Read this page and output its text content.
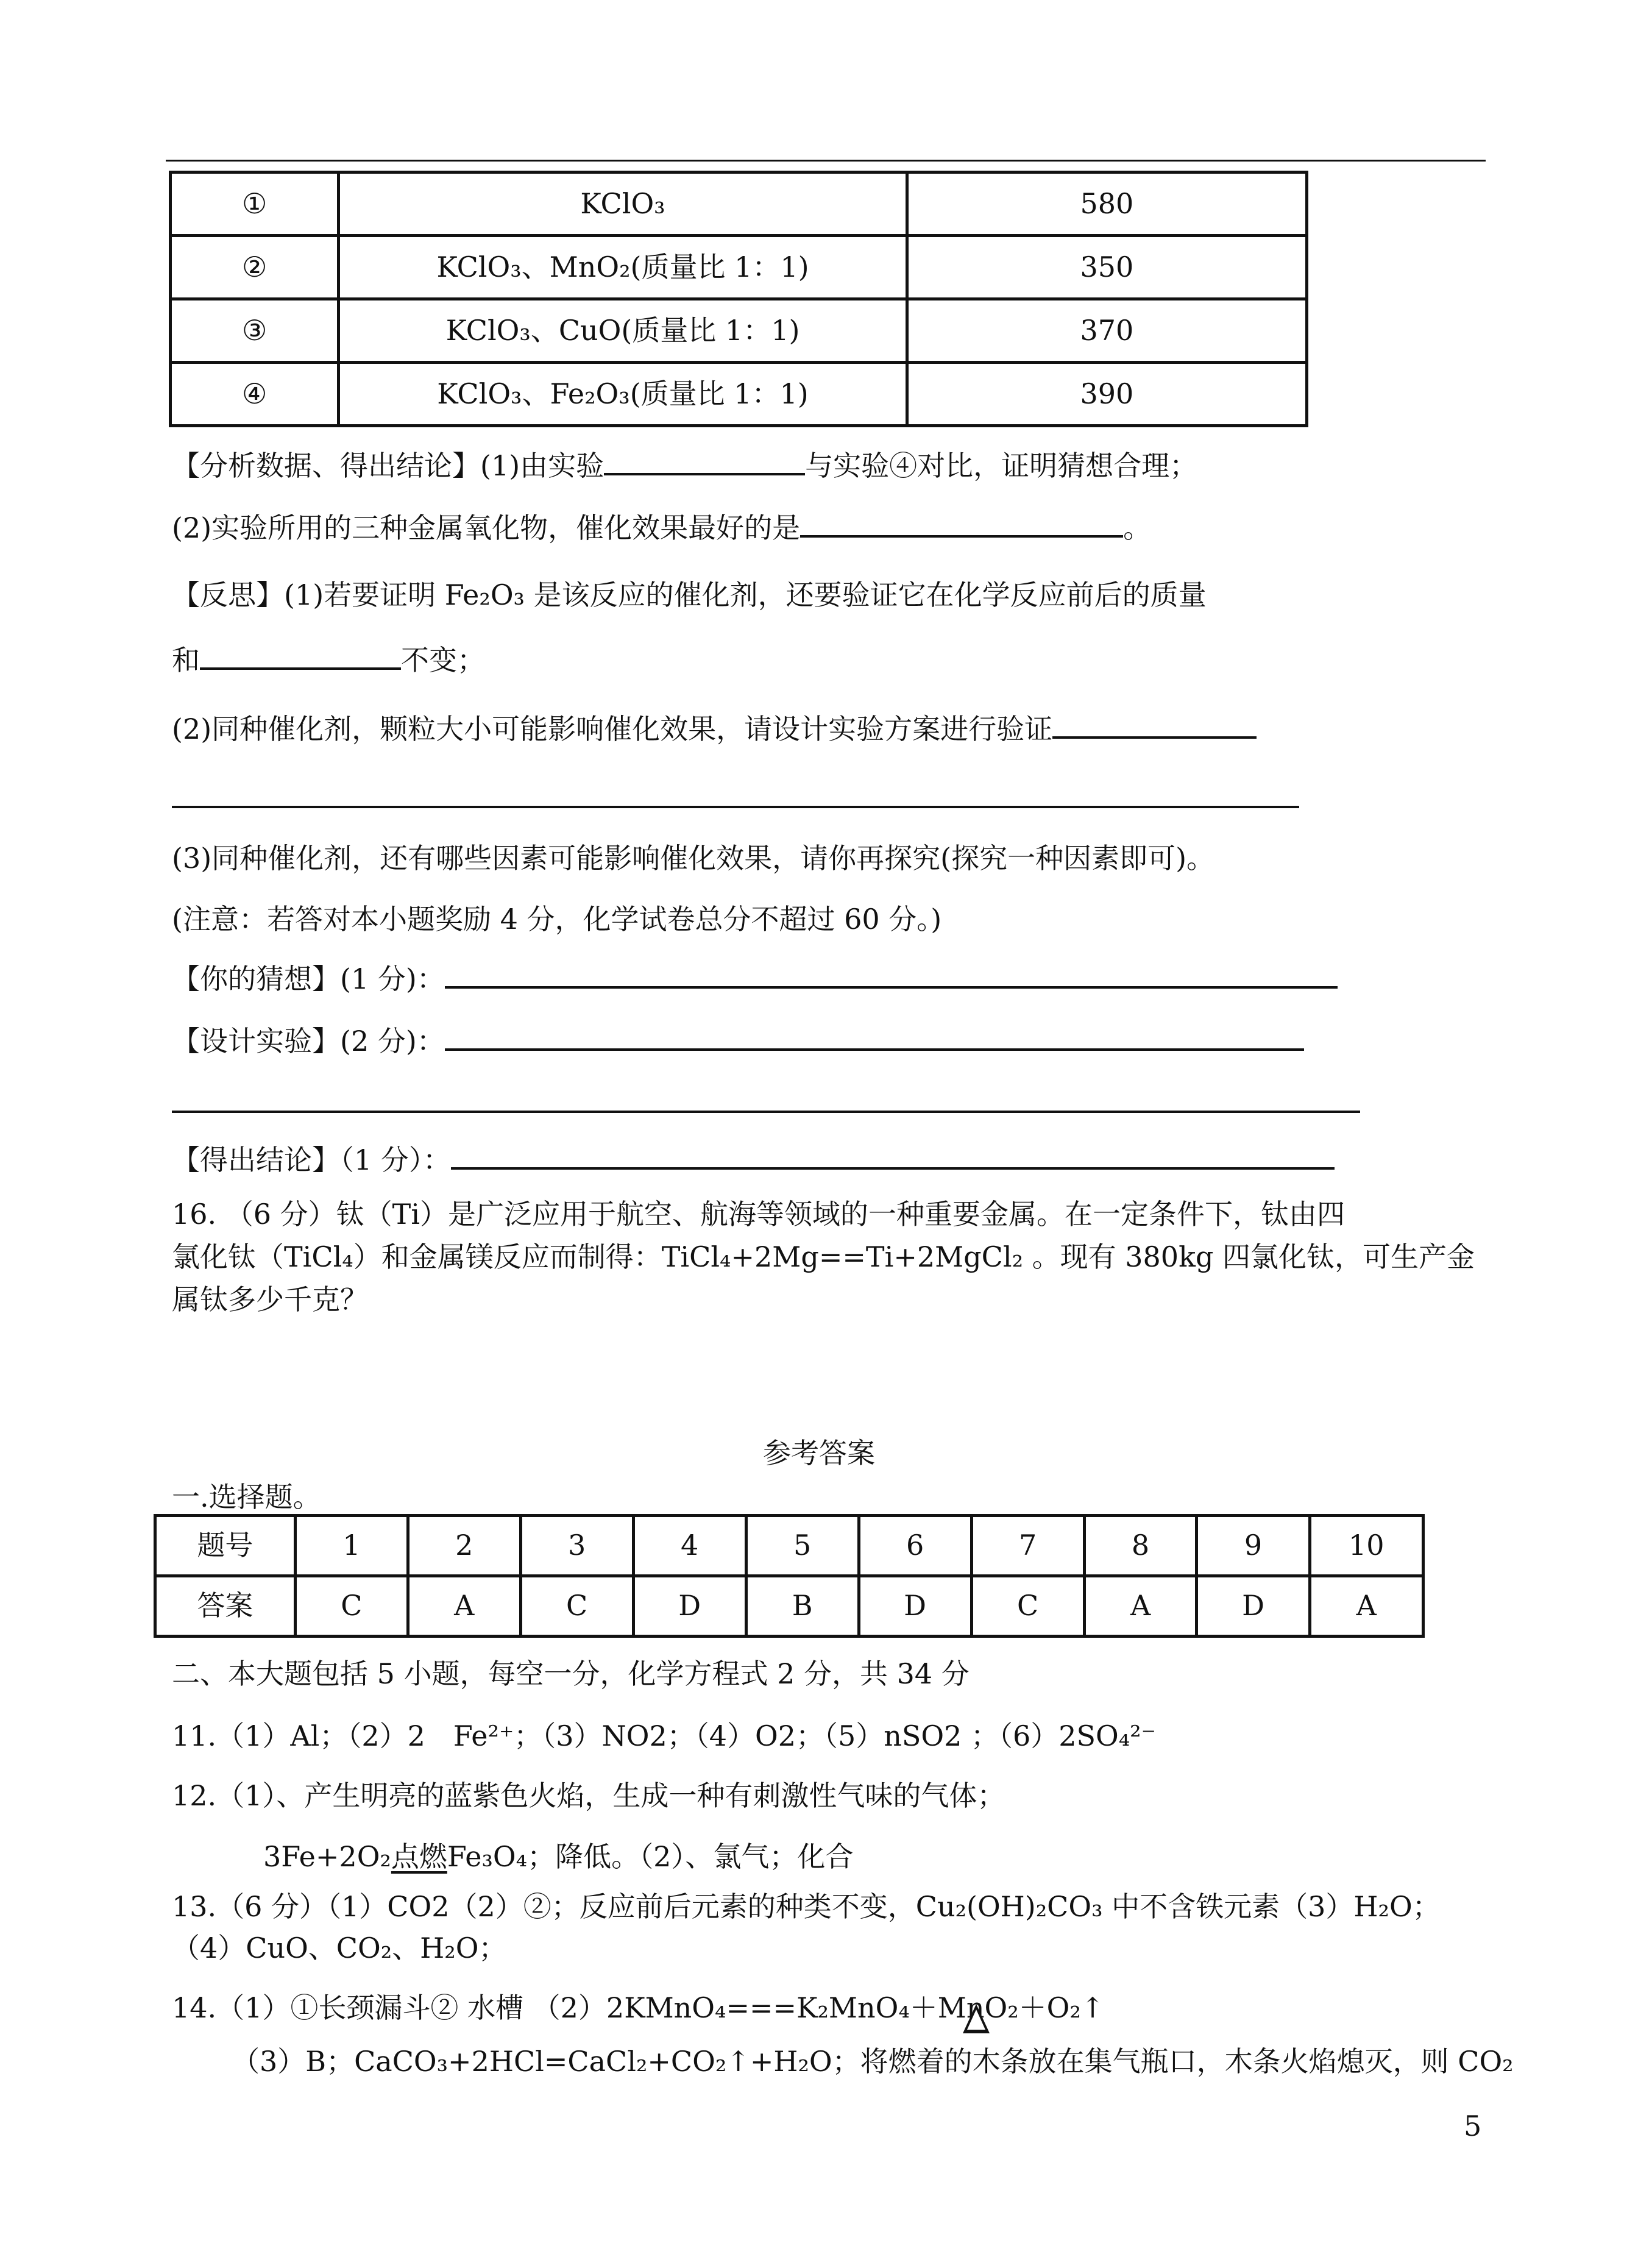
①	KClO₃	580
②	KClO₃、MnO₂(质量比 1：1)	350
③	KClO₃、CuO(质量比 1：1)	370
④	KClO₃、Fe₂O₃(质量比 1：1)	390
【分析数据、得出结论】(1)由实验	与实验④对比，证明猜想合理；
(2)实验所用的三种金属氧化物，催化效果最好的是	。
【反思】(1)若要证明 Fe₂O₃ 是该反应的催化剂，还要验证它在化学反应前后的质量
和	不变；
(2)同种催化剂，颗粒大小可能影响催化效果，请设计实验方案进行验证
(3)同种催化剂，还有哪些因素可能影响催化效果，请你再探究(探究一种因素即可)。
(注意：若答对本小题奖励 4 分，化学试卷总分不超过 60 分。)
【你的猜想】(1 分)：
【设计实验】(2 分)：
【得出结论】（1 分）：
16. （6 分）钛（Ti）是广泛应用于航空、航海等领域的一种重要金属。在一定条件下，钛由四
氯化钛（TiCl₄）和金属镁反应而制得：TiCl₄+2Mg==Ti+2MgCl₂ 。现有 380kg 四氯化钛，可生产金
属钛多少千克？
参考答案
一.选择题。
题号	1	2	3	4	5	6	7	8	9	10
答案	C	A	C	D	B	D	C	A	D	A
二、本大题包括 5 小题，每空一分，化学方程式 2 分，共 34 分
11.（1）Al；（2）2　Fe²⁺；（3）NO2；（4）O2；（5）nSO2 ；（6）2SO₄²⁻
12.（1）、产生明亮的蓝紫色火焰，生成一种有刺激性气味的气体；
3Fe+2O₂点燃Fe₃O₄；降低。（2）、氯气；化合
13.（6 分）（1）CO2（2）②；反应前后元素的种类不变，Cu₂(OH)₂CO₃ 中不含铁元素（3）H₂O；
（4）CuO、CO₂、H₂O；
14.（1）①长颈漏斗② 水槽 （2）2KMnO₄===K₂MnO₄＋MnO₂＋O₂↑
（3）B；CaCO₃+2HCl=CaCl₂+CO₂↑+H₂O；将燃着的木条放在集气瓶口，木条火焰熄灭，则 CO₂
5
